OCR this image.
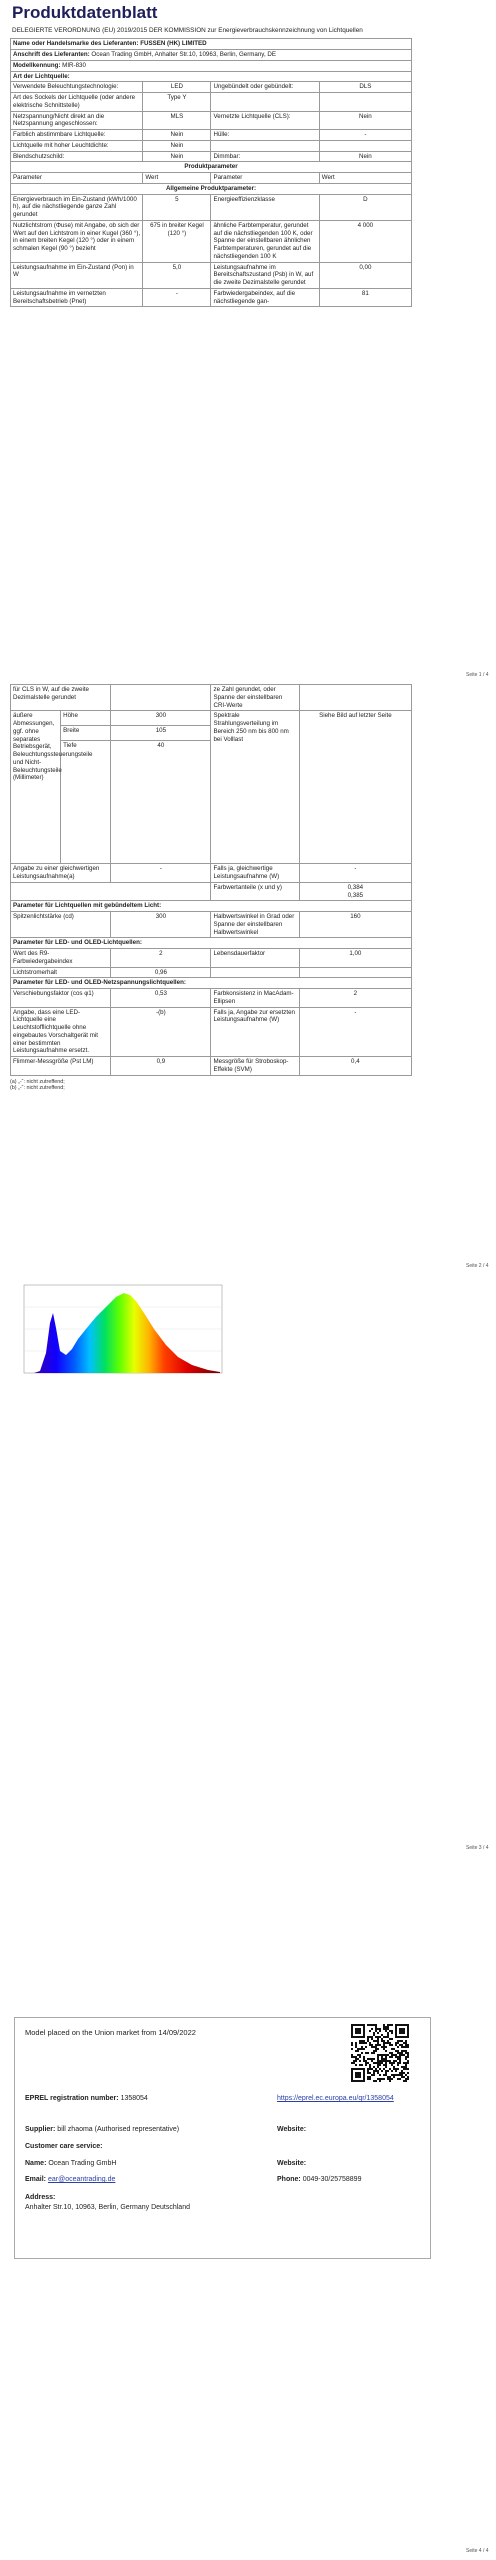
Produktdatenblatt
DELEGIERTE VERORDNUNG (EU) 2019/2015 DER KOMMISSION zur Energieverbrauchskennzeichnung von Lichtquellen
Name oder Handelsmarke des Lieferanten: FUSSEN (HK) LIMITED			
Anschrift des Lieferanten: Ocean Trading GmbH, Anhalter Str.10, 10963, Berlin, Germany, DE			
Modellkennung: MIR-830			
Art der Lichtquelle:			
Verwendete Beleuchtungstechnologie:	LED	Ungebündelt oder gebündelt:	DLS
Art des Sockels der Lichtquelle (oder andere elektrische Schnittstelle)	Type Y		
Netzspannung/Nicht direkt an die Netzspannung angeschlossen:	MLS	Vernetzte Lichtquelle (CLS):	Nein
Farblich abstimmbare Lichtquelle:	Nein	Hülle:	-
Lichtquelle mit hoher Leuchtdichte:	Nein		
Blendschutzschild:	Nein	Dimmbar:	Nein
Produktparameter			
Parameter	Wert	Parameter	Wert
Allgemeine Produktparameter:			
Energieverbrauch im Ein-Zustand (kWh/1000 h), auf die nächstliegende ganze Zahl gerundet	5	Energieeffizienzklasse	D
Nutzlichtstrom (Φuse) mit Angabe, ob sich der Wert auf den Lichtstrom in einer Kugel (360 °), in einem breiten Kegel (120 °) oder in einem schmalen Kegel (90 °) bezieht	675 in breiter Kegel (120 °)	ähnliche Farbtemperatur, gerundet auf die nächstliegenden 100 K, oder Spanne der einstellbaren ähnlichen Farbtemperaturen, gerundet auf die nächstliegenden 100 K	4 000
Leistungsaufnahme im Ein-Zustand (Pon) in W	5,0	Leistungsaufnahme im Bereitschaftszustand (Psb) in W, auf die zweite Dezimalstelle gerundet	0,00
Leistungsaufnahme im vernetzten Bereitschaftsbetrieb (Pnet)	-	Farbwiedergabeindex, auf die nächstliegende gan-	81
Seite 1 / 4
für CLS in W, auf die zweite Dezimalstelle gerundet			ze Zahl gerundet, oder Spanne der einstellbaren CRI-Werte	
äußere Abmessungen, ggf. ohne separates Betriebsgerät, Beleuchtungssteuerungsteile und Nicht-Beleuchtungsteile (Millimeter)	Höhe	300	Spektrale Strahlungsverteilung im Bereich 250 nm bis 800 nm bei Volllast	Siehe Bild auf letzter Seite
	Breite	105		
	Tiefe	40		
Angabe zu einer gleichwertigen Leistungsaufnahme(a)		-	Falls ja, gleichwertige Leistungsaufnahme (W)	-
			Farbwertanteile (x und y)	0,384
0,385
Parameter für Lichtquellen mit gebündeltem Licht:				
Spitzenlichtstärke (cd)		300	Halbwertswinkel in Grad oder Spanne der einstellbaren Halbwertswinkel	160
Parameter für LED- und OLED-Lichtquellen:				
Wert des R9-Farbwiedergabeindex		2	Lebensdauerfaktor	1,00
Lichtstromerhalt		0,96		
Parameter für LED- und OLED-Netzspannungslichtquellen:				
Verschiebungsfaktor (cos φ1)		0,53	Farbkonsistenz in MacAdam-Ellipsen	2
Angabe, dass eine LED-Lichtquelle eine Leuchtstofflichtquelle ohne eingebautes Vorschaltgerät mit einer bestimmten Leistungsaufnahme ersetzt.		-(b)	Falls ja, Angabe zur ersetzten Leistungsaufnahme (W)	-
Flimmer-Messgröße (Pst LM)		0,9	Messgröße für Stroboskop-Effekte (SVM)	0,4
(a) „-“: nicht zutreffend;
(b) „-“: nicht zutreffend;
Seite 2 / 4
Seite 3 / 4
Model placed on the Union market from 14/09/2022
EPREL registration number: 1358054	https://eprel.ec.europa.eu/qr/1358054
Supplier: bill zhaoma (Authorised representative)	Website:
Customer care service:
Name: Ocean Trading GmbH	Website:
Email: ear@oceantrading.de	Phone: 0049-30/25758899
Address:
Anhalter Str.10, 10963, Berlin, Germany Deutschland
Seite 4 / 4
